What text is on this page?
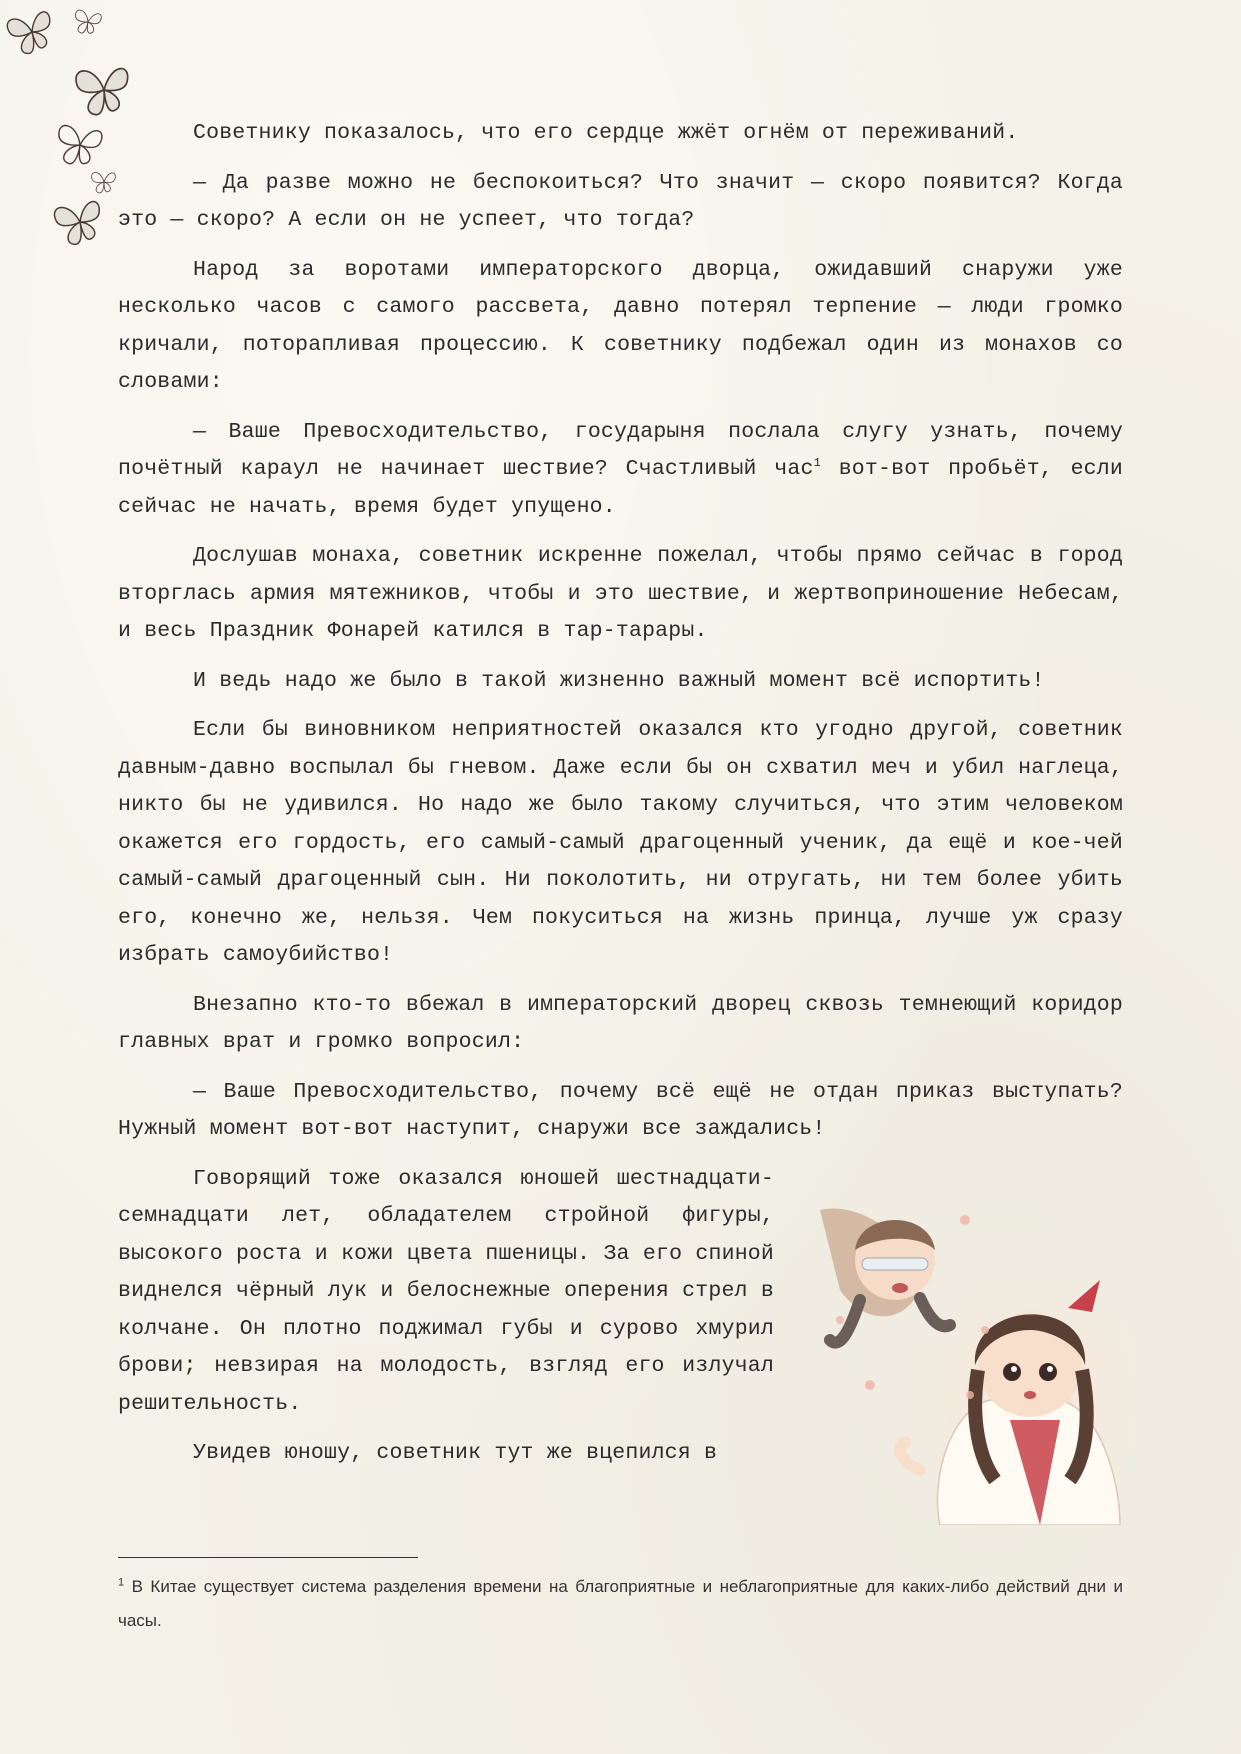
Советнику показалось, что его сердце жжёт огнём от переживаний.

— Да разве можно не беспокоиться? Что значит — скоро появится? Когда это — скоро? А если он не успеет, что тогда?

Народ за воротами императорского дворца, ожидавший снаружи уже несколько часов с самого рассвета, давно потерял терпение — люди громко кричали, поторапливая процессию. К советнику подбежал один из монахов со словами:

— Ваше Превосходительство, государыня послала слугу узнать, почему почётный караул не начинает шествие? Счастливый час$^1$ вот-вот пробьёт, если сейчас не начать, время будет упущено.

Дослушав монаха, советник искренне пожелал, чтобы прямо сейчас в город вторглась армия мятежников, чтобы и это шествие, и жертвоприношение Небесам, и весь Праздник Фонарей катился в тар-тарары.

И ведь надо же было в такой жизненно важный момент всё испортить!

Если бы виновником неприятностей оказался кто угодно другой, советник давным-давно воспылал бы гневом. Даже если бы он схватил меч и убил наглеца, никто бы не удивился. Но надо же было такому случиться, что этим человеком окажется его гордость, его самый-самый драгоценный ученик, да ещё и кое-чей самый-самый драгоценный сын. Ни поколотить, ни отругать, ни тем более убить его, конечно же, нельзя. Чем покуситься на жизнь принца, лучше уж сразу избрать самоубийство!

Внезапно кто-то вбежал в императорский дворец сквозь темнеющий коридор главных врат и громко вопросил:

— Ваше Превосходительство, почему всё ещё не отдан приказ выступать? Нужный момент вот-вот наступит, снаружи все заждались!

Говорящий тоже оказался юношей шестнадцати-семнадцати лет, обладателем стройной фигуры, высокого роста и кожи цвета пшеницы. За его спиной виднелся чёрный лук и белоснежные оперения стрел в колчане. Он плотно поджимал губы и сурово хмурил брови; невзирая на молодость, взгляд его излучал решительность.

Увидев юношу, советник тут же вцепился в

$^1$ В Китае существует система разделения времени на благоприятные и неблагоприятные для каких-либо действий дни и часы.
